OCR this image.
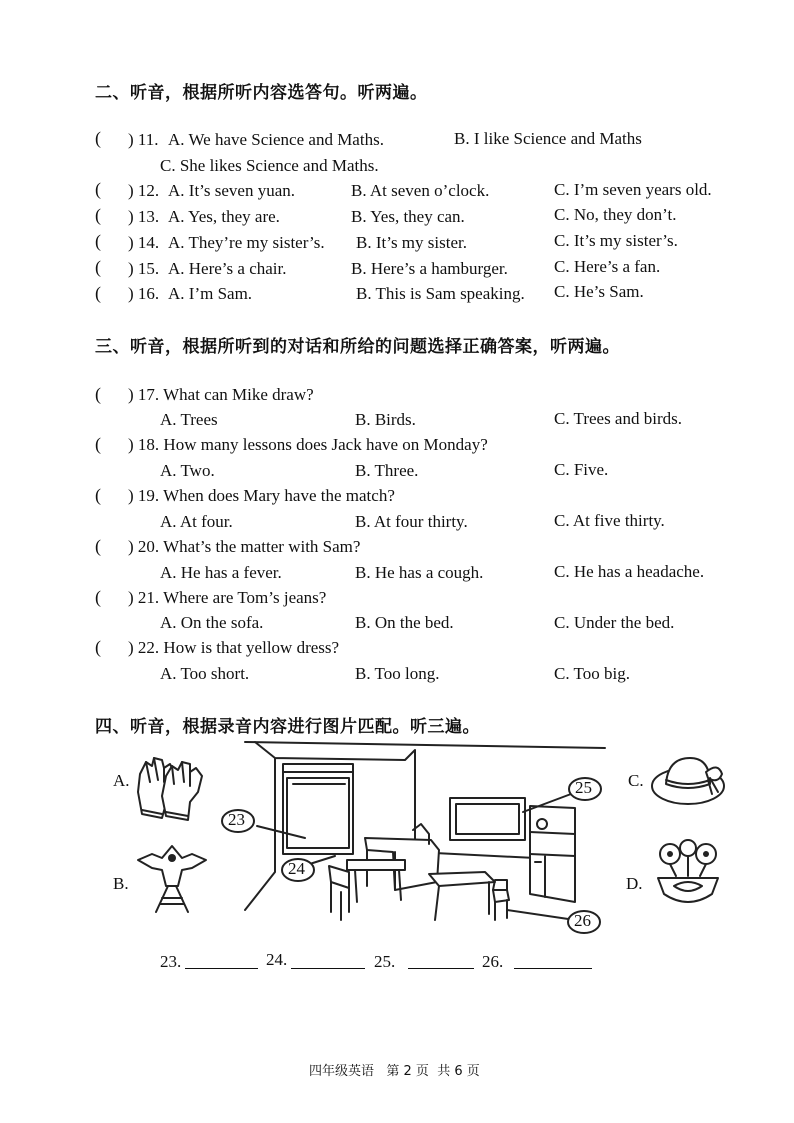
二、听音，根据所听内容选答句。听两遍。
( ) 11. A. We have Science and Maths.	B. I like Science and Maths
C. She likes Science and Maths.
( ) 12. A. It’s seven yuan.	B. At seven o’clock.	C. I’m seven years old.
( ) 13. A. Yes, they are.	B. Yes, they can.	C. No, they don’t.
( ) 14. A. They’re my sister’s. B. It’s my sister.	C. It’s my sister’s.
( ) 15. A. Here’s a chair.	B. Here’s a hamburger.	C. Here’s a fan.
( ) 16. A. I’m Sam.	B. This is Sam speaking. C. He’s Sam.
三、听音，根据所听到的对话和所给的问题选择正确答案，听两遍。
( ) 17. What can Mike draw?
A. Trees	B. Birds.	C. Trees and birds.
( ) 18. How many lessons does Jack have on Monday?
A. Two.	B. Three.	C. Five.
( ) 19. When does Mary have the match?
A. At four.	B. At four thirty.	C. At five thirty.
( ) 20. What’s the matter with Sam?
A. He has a fever.	B. He has a cough.	C. He has a headache.
( ) 21. Where are Tom’s jeans?
A. On the sofa.	B. On the bed.	C. Under the bed.
( ) 22. How is that yellow dress?
A. Too short.	B. Too long.	C. Too big.
四、听音，根据录音内容进行图片匹配。听三遍。
A.
B.
C.
D.
23
24
25
26
23.	24.	25.	26.
四年级英语   第 2 页  共 6 页
